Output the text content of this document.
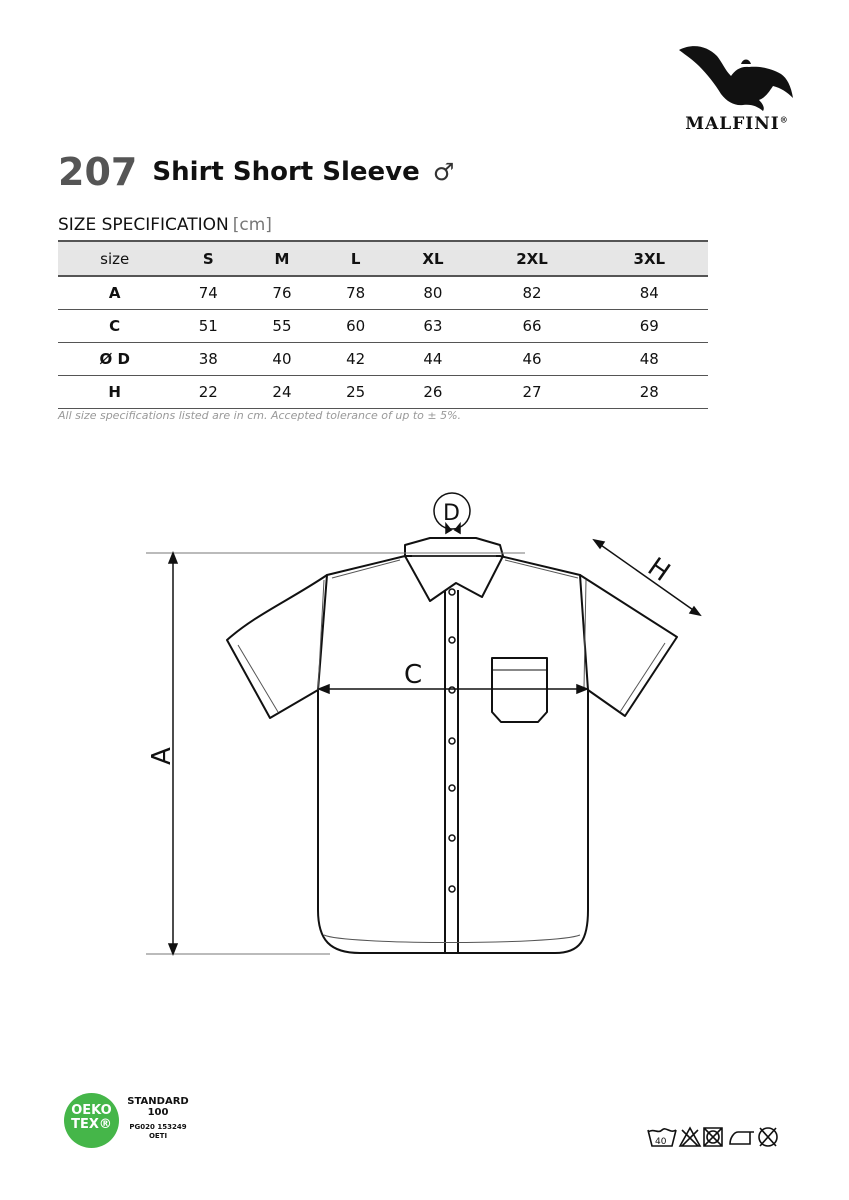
MALFINI®
207 Shirt Short Sleeve ♂
SIZE SPECIFICATION [cm]
size	S	M	L	XL	2XL	3XL
A	74	76	78	80	82	84
C	51	55	60	63	66	69
Ø D	38	40	42	44	46	48
H	22	24	25	26	27	28
All size specifications listed are in cm. Accepted tolerance of up to ± 5%.
D
C
A
H
OEKO
TEX®
STANDARD
100
PG020 153249
OETI
40
